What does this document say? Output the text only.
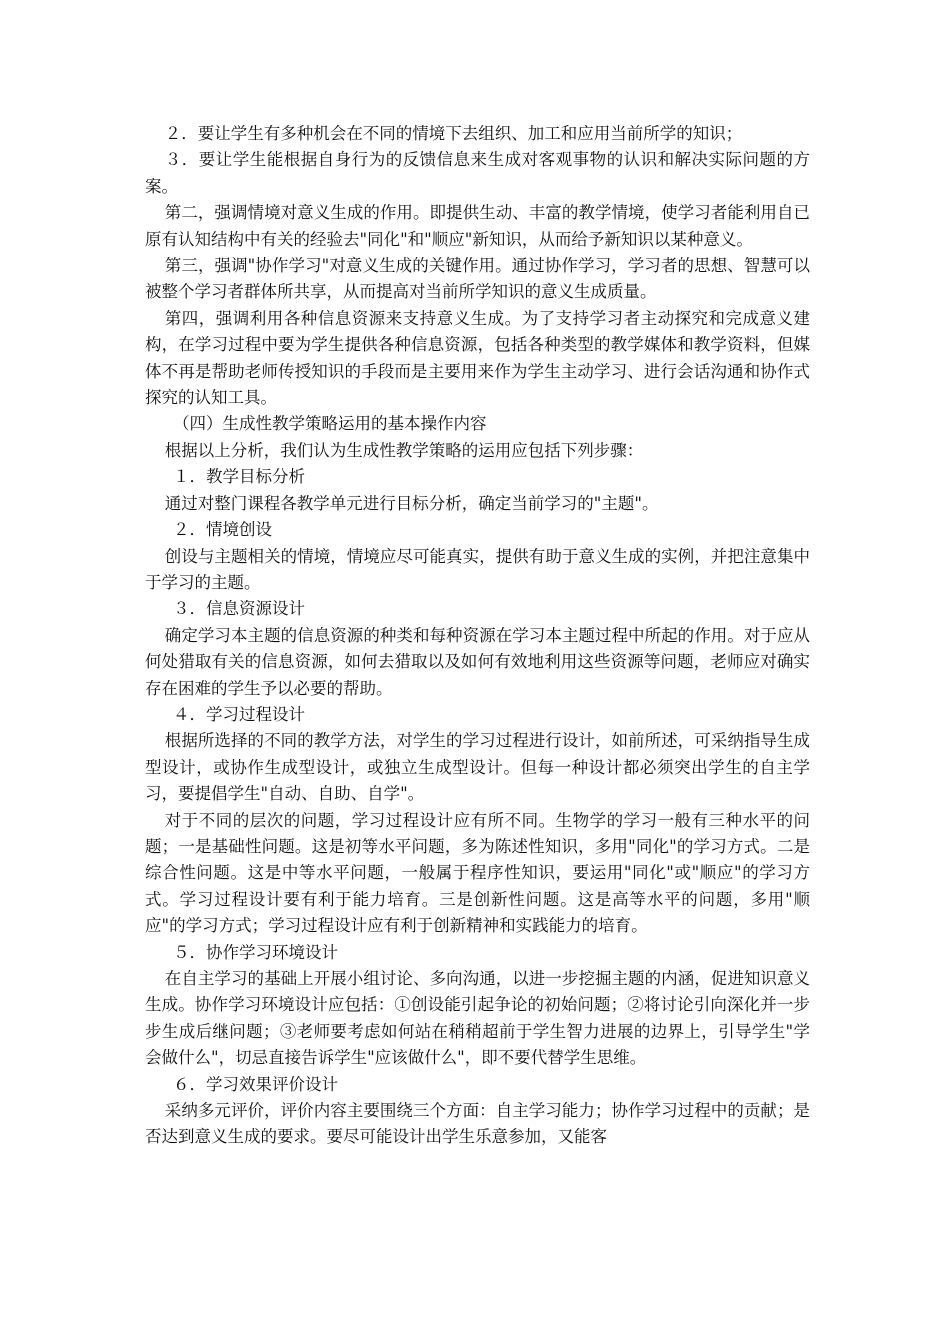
２．要让学生有多种机会在不同的情境下去组织、加工和应用当前所学的知识；

３．要让学生能根据自身行为的反馈信息来生成对客观事物的认识和解决实际问题的方案。

第二，强调情境对意义生成的作用。即提供生动、丰富的教学情境，使学习者能利用自已原有认知结构中有关的经验去"同化"和"顺应"新知识，从而给予新知识以某种意义。

第三，强调"协作学习"对意义生成的关键作用。通过协作学习，学习者的思想、智慧可以被整个学习者群体所共享，从而提高对当前所学知识的意义生成质量。

第四，强调利用各种信息资源来支持意义生成。为了支持学习者主动探究和完成意义建构，在学习过程中要为学生提供各种信息资源，包括各种类型的教学媒体和教学资料，但媒体不再是帮助老师传授知识的手段而是主要用来作为学生主动学习、进行会话沟通和协作式探究的认知工具。

（四）生成性教学策略运用的基本操作内容

根据以上分析，我们认为生成性教学策略的运用应包括下列步骤：

１．教学目标分析

通过对整门课程各教学单元进行目标分析，确定当前学习的"主题"。

２．情境创设

创设与主题相关的情境，情境应尽可能真实，提供有助于意义生成的实例，并把注意集中于学习的主题。

３．信息资源设计

确定学习本主题的信息资源的种类和每种资源在学习本主题过程中所起的作用。对于应从何处猎取有关的信息资源，如何去猎取以及如何有效地利用这些资源等问题，老师应对确实存在困难的学生予以必要的帮助。

４．学习过程设计

根据所选择的不同的教学方法，对学生的学习过程进行设计，如前所述，可采纳指导生成型设计，或协作生成型设计，或独立生成型设计。但每一种设计都必须突出学生的自主学习，要提倡学生"自动、自助、自学"。

对于不同的层次的问题，学习过程设计应有所不同。生物学的学习一般有三种水平的问题；一是基础性问题。这是初等水平问题，多为陈述性知识，多用"同化"的学习方式。二是综合性问题。这是中等水平问题，一般属于程序性知识，要运用"同化"或"顺应"的学习方式。学习过程设计要有利于能力培育。三是创新性问题。这是高等水平的问题，多用"顺应"的学习方式；学习过程设计应有利于创新精神和实践能力的培育。

５．协作学习环境设计

在自主学习的基础上开展小组讨论、多向沟通，以进一步挖掘主题的内涵，促进知识意义生成。协作学习环境设计应包括：①创设能引起争论的初始问题；②将讨论引向深化并一步步生成后继问题；③老师要考虑如何站在稍稍超前于学生智力进展的边界上，引导学生"学会做什么"，切忌直接告诉学生"应该做什么"，即不要代替学生思维。

６．学习效果评价设计

采纳多元评价，评价内容主要围绕三个方面：自主学习能力；协作学习过程中的贡献；是否达到意义生成的要求。要尽可能设计出学生乐意参加，又能客
